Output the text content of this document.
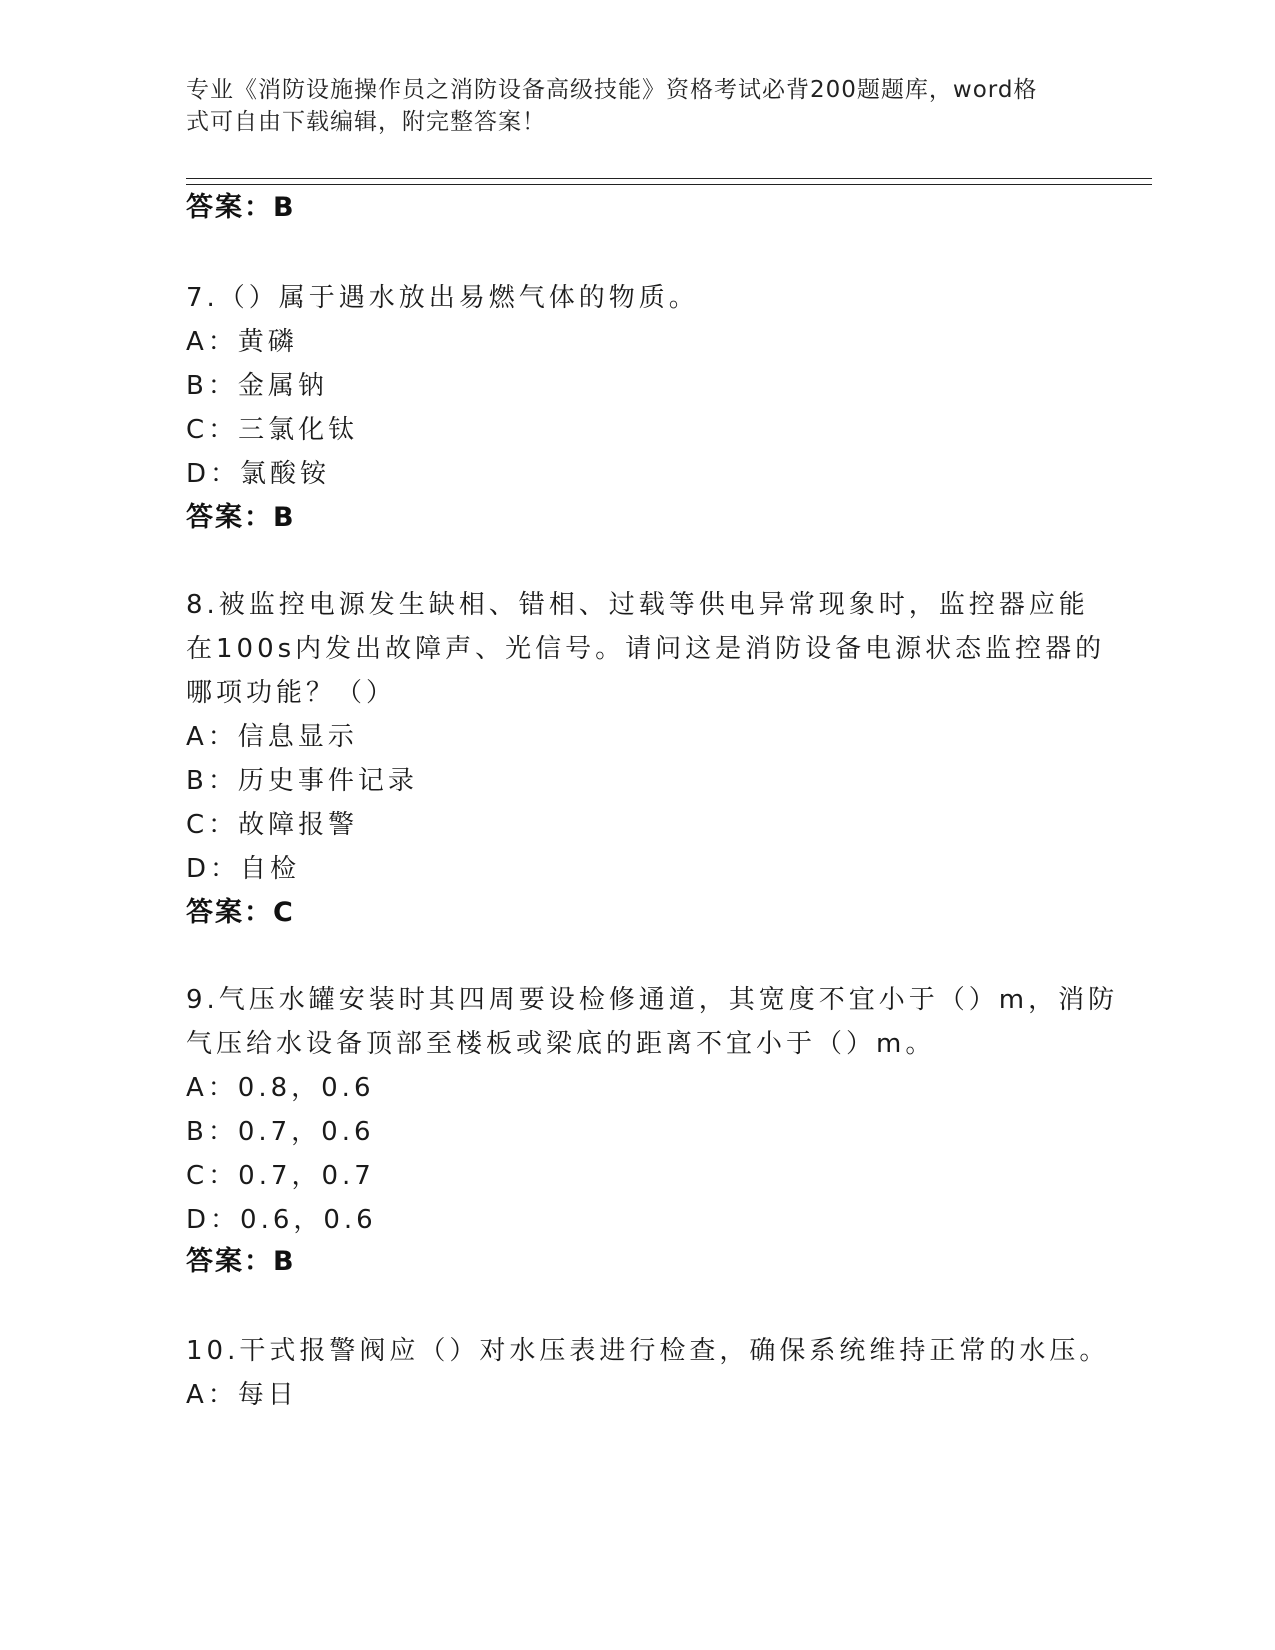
专业《消防设施操作员之消防设备高级技能》资格考试必背200题题库，word格
式可自由下载编辑，附完整答案！
答案：B
7.（）属于遇水放出易燃气体的物质。
A：黄磷
B：金属钠
C：三氯化钛
D：氯酸铵
答案：B
8.被监控电源发生缺相、错相、过载等供电异常现象时，监控器应能
在100s内发出故障声、光信号。请问这是消防设备电源状态监控器的
哪项功能？（）
A：信息显示
B：历史事件记录
C：故障报警
D：自检
答案：C
9.气压水罐安装时其四周要设检修通道，其宽度不宜小于（）m，消防
气压给水设备顶部至楼板或梁底的距离不宜小于（）m。
A：0.8，0.6
B：0.7，0.6
C：0.7，0.7
D：0.6，0.6
答案：B
10.干式报警阀应（）对水压表进行检查，确保系统维持正常的水压。
A：每日
